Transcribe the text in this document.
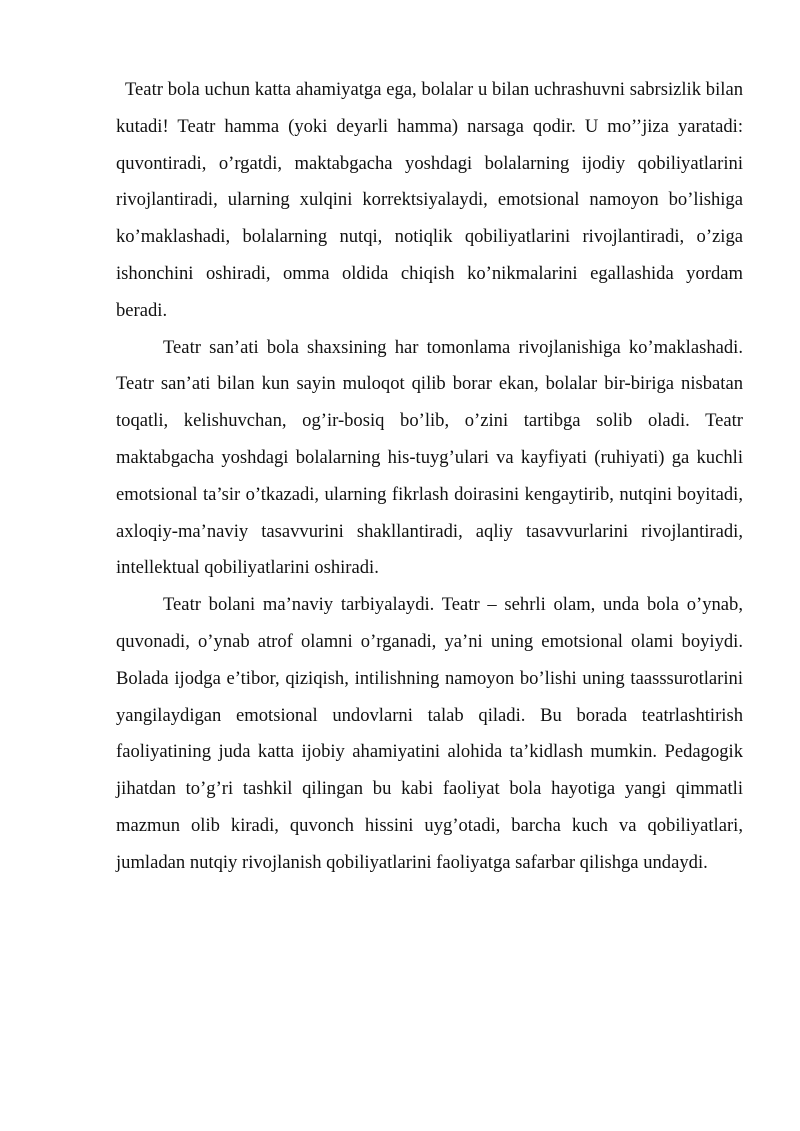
Teatr bola uchun katta ahamiyatga ega, bolalar u bilan uchrashuvni sabrsizlik bilan kutadi! Teatr hamma (yoki deyarli hamma) narsaga qodir. U mo’’jiza yaratadi: quvontiradi, o’rgatdi, maktabgacha yoshdagi bolalarning ijodiy qobiliyatlarini rivojlantiradi, ularning xulqini korrektsiyalaydi, emotsional namoyon bo’lishiga ko’maklashadi, bolalarning nutqi, notiqlik qobiliyatlarini rivojlantiradi, o’ziga ishonchini oshiradi, omma oldida chiqish ko’nikmalarini egallashida yordam beradi.

Teatr san’ati bola shaxsining har tomonlama rivojlanishiga ko’maklashadi. Teatr san’ati bilan kun sayin muloqot qilib borar ekan, bolalar bir-biriga nisbatan toqatli, kelishuvchan, og’ir-bosiq bo’lib, o’zini tartibga solib oladi. Teatr maktabgacha yoshdagi bolalarning his-tuyg’ulari va kayfiyati (ruhiyati) ga kuchli emotsional ta’sir o’tkazadi, ularning fikrlash doirasini kengaytirib, nutqini boyitadi, axloqiy-ma’naviy tasavvurini shakllantiradi, aqliy tasavvurlarini rivojlantiradi, intellektual qobiliyatlarini oshiradi.

Teatr bolani ma’naviy tarbiyalaydi. Teatr – sehrli olam, unda bola o’ynab, quvonadi, o’ynab atrof olamni o’rganadi, ya’ni uning emotsional olami boyiydi. Bolada ijodga e’tibor, qiziqish, intilishning namoyon bo’lishi uning taasssurotlarini yangilaydigan emotsional undovlarni talab qiladi. Bu borada teatrlashtirish faoliyatining juda katta ijobiy ahamiyatini alohida ta’kidlash mumkin. Pedagogik jihatdan to’g’ri tashkil qilingan bu kabi faoliyat bola hayotiga yangi qimmatli mazmun olib kiradi, quvonch hissini uyg’otadi, barcha kuch va qobiliyatlari, jumladan nutqiy rivojlanish qobiliyatlarini faoliyatga safarbar qilishga undaydi.
